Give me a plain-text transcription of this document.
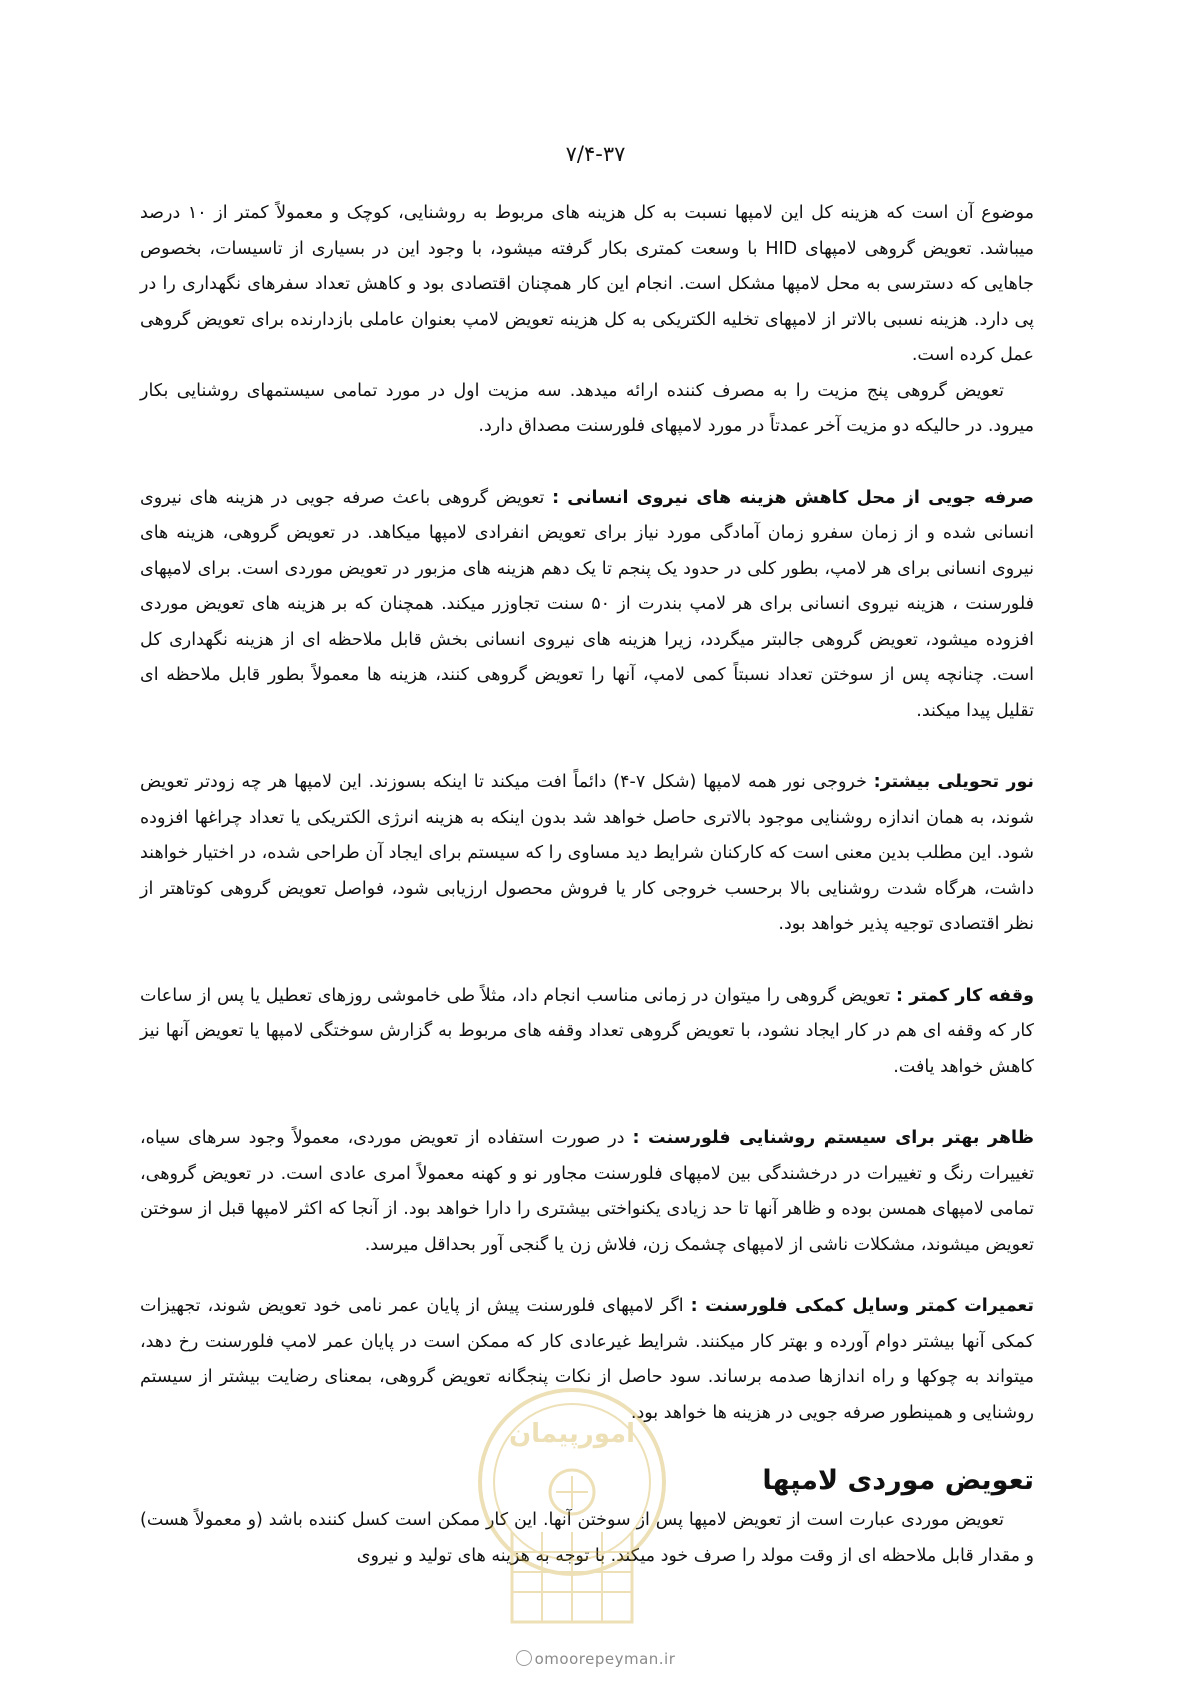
۷/۴-۳۷

موضوع آن است که هزینه کل این لامپها نسبت به کل هزینه های مربوط به روشنایی، کوچک و معمولاً کمتر از ۱۰ درصد میباشد. تعویض گروهی لامپهای HID با وسعت کمتری بکار گرفته میشود، با وجود این در بسیاری از تاسیسات، بخصوص جاهایی که دسترسی به محل لامپها مشکل است. انجام این کار همچنان اقتصادی بود و کاهش تعداد سفرهای نگهداری را در پی دارد. هزینه نسبی بالاتر از لامپهای تخلیه الکتریکی به کل هزینه تعویض لامپ بعنوان عاملی بازدارنده برای تعویض گروهی عمل کرده است.

تعویض گروهی پنج مزیت را به مصرف کننده ارائه میدهد. سه مزیت اول در مورد تمامی سیستمهای روشنایی بکار میرود. در حالیکه دو مزیت آخر عمدتاً در مورد لامپهای فلورسنت مصداق دارد.

صرفه جویی از محل کاهش هزینه های نیروی انسانی : تعویض گروهی باعث صرفه جویی در هزینه های نیروی انسانی شده و از زمان سفرو زمان آمادگی مورد نیاز برای تعویض انفرادی لامپها میکاهد. در تعویض گروهی، هزینه های نیروی انسانی برای هر لامپ، بطور کلی در حدود یک پنجم تا یک دهم هزینه های مزبور در تعویض موردی است. برای لامپهای فلورسنت ، هزینه نیروی انسانی برای هر لامپ بندرت از ۵۰ سنت تجاوزر میکند. همچنان که بر هزینه های تعویض موردی افزوده میشود، تعویض گروهی جالبتر میگردد، زیرا هزینه های نیروی انسانی بخش قابل ملاحظه ای از هزینه نگهداری کل است. چنانچه پس از سوختن تعداد نسبتاً کمی لامپ، آنها را تعویض گروهی کنند، هزینه ها معمولاً بطور قابل ملاحظه ای تقلیل پیدا میکند.

نور تحویلی بیشتر: خروجی نور همه لامپها (شکل ۷-۴) دائماً افت میکند تا اینکه بسوزند. این لامپها هر چه زودتر تعویض شوند، به همان اندازه روشنایی موجود بالاتری حاصل خواهد شد بدون اینکه به هزینه انرژی الکتریکی یا تعداد چراغها افزوده شود. این مطلب بدین معنی است که کارکنان شرایط دید مساوی را که سیستم برای ایجاد آن طراحی شده، در اختیار خواهند داشت، هرگاه شدت روشنایی بالا برحسب خروجی کار یا فروش محصول ارزیابی شود، فواصل تعویض گروهی کوتاهتر از نظر اقتصادی توجیه پذیر خواهد بود.

وقفه کار کمتر : تعویض گروهی را میتوان در زمانی مناسب انجام داد، مثلاً طی خاموشی روزهای تعطیل یا پس از ساعات کار که وقفه ای هم در کار ایجاد نشود، با تعویض گروهی تعداد وقفه های مربوط به گزارش سوختگی لامپها یا تعویض آنها نیز کاهش خواهد یافت.

ظاهر بهتر برای سیستم روشنایی فلورسنت : در صورت استفاده از تعویض موردی، معمولاً وجود سرهای سیاه، تغییرات رنگ و تغییرات در درخشندگی بین لامپهای فلورسنت مجاور نو و کهنه معمولاً امری عادی است. در تعویض گروهی، تمامی لامپهای همسن بوده و ظاهر آنها تا حد زیادی یکنواختی بیشتری را دارا خواهد بود. از آنجا که اکثر لامپها قبل از سوختن تعویض میشوند، مشکلات ناشی از لامپهای چشمک زن، فلاش زن یا گنجی آور بحداقل میرسد.

تعمیرات کمتر وسایل کمکی فلورسنت : اگر لامپهای فلورسنت پیش از پایان عمر نامی خود تعویض شوند، تجهیزات کمکی آنها بیشتر دوام آورده و بهتر کار میکنند. شرایط غیرعادی کار که ممکن است در پایان عمر لامپ فلورسنت رخ دهد، میتواند به چوکها و راه اندازها صدمه برساند. سود حاصل از نکات پنجگانه تعویض گروهی، بمعنای رضایت بیشتر از سیستم روشنایی و همینطور صرفه جویی در هزینه ها خواهد بود.

تعویض موردی لامپها

تعویض موردی عبارت است از تعویض لامپها پس از سوختن آنها. این کار ممکن است کسل کننده باشد (و معمولاً هست) و مقدار قابل ملاحظه ای از وقت مولد را صرف خود میکند. با توجه به هزینه های تولید و نیروی

امورپیمان
omoorepeyman.ir
